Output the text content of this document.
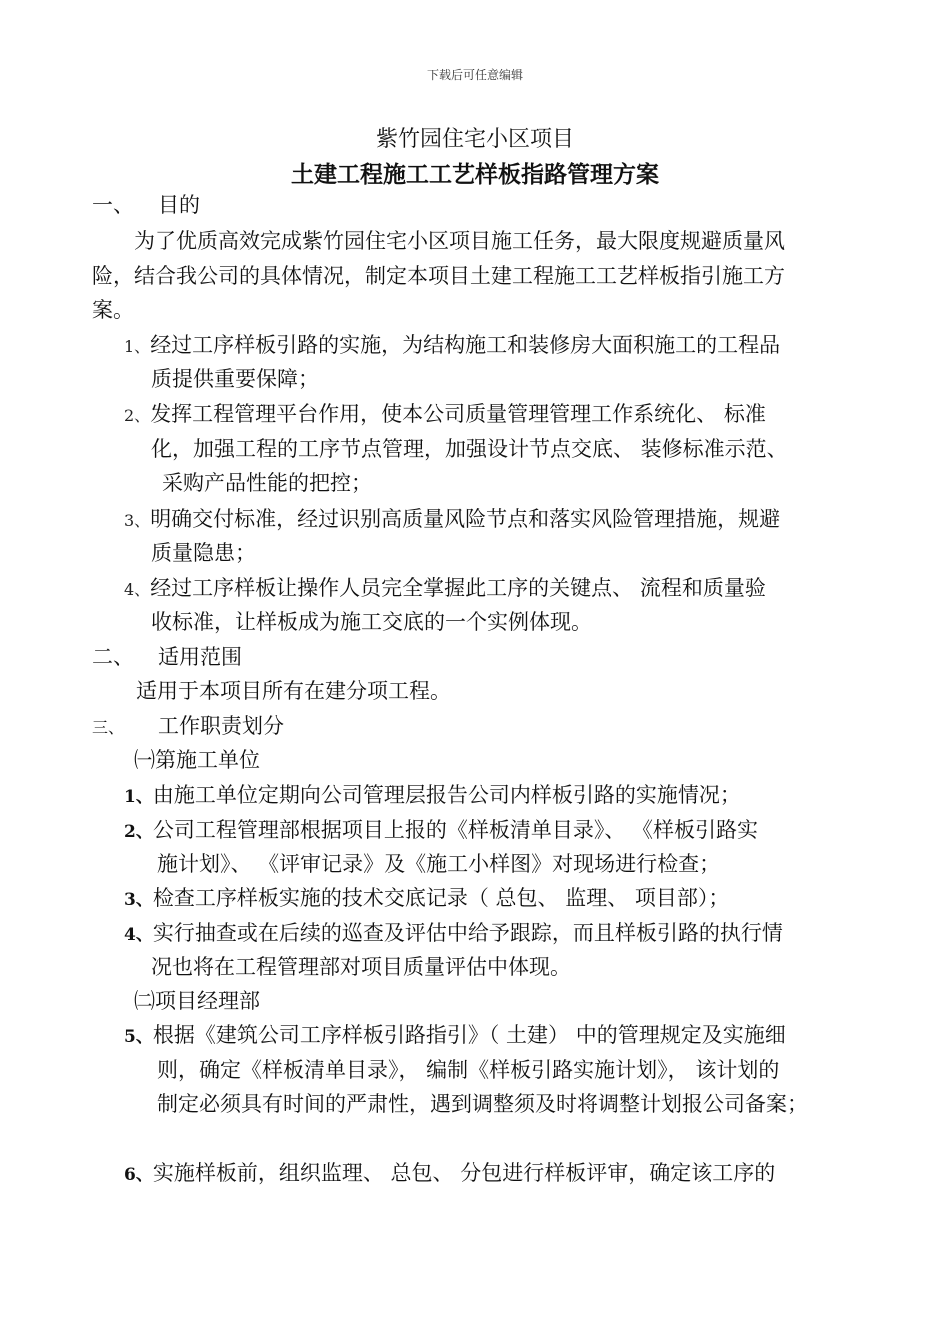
下载后可任意编辑
紫竹园住宅小区项目
土建工程施工工艺样板指路管理方案
一、 目的
为了优质高效完成紫竹园住宅小区项目施工任务，最大限度规避质量风
险，结合我公司的具体情况，制定本项目土建工程施工工艺样板指引施工方
案。
1、经过工序样板引路的实施，为结构施工和装修房大面积施工的工程品
质提供重要保障；
2、发挥工程管理平台作用，使本公司质量管理管理工作系统化、 标准
化，加强工程的工序节点管理，加强设计节点交底、 装修标准示范、
采购产品性能的把控；
3、明确交付标准，经过识别高质量风险节点和落实风险管理措施，规避
质量隐患；
4、经过工序样板让操作人员完全掌握此工序的关键点、 流程和质量验
收标准，让样板成为施工交底的一个实例体现。
二、 适用范围
适用于本项目所有在建分项工程。
三、 工作职责划分
㈠第施工单位
1、由施工单位定期向公司管理层报告公司内样板引路的实施情况；
2、公司工程管理部根据项目上报的《样板清单目录》、 《样板引路实
施计划》、 《评审记录》及《施工小样图》对现场进行检查；
3、检查工序样板实施的技术交底记录（ 总包、 监理、 项目部）；
4、实行抽查或在后续的巡查及评估中给予跟踪，而且样板引路的执行情
况也将在工程管理部对项目质量评估中体现。
㈡项目经理部
5、根据《建筑公司工序样板引路指引》（ 土建） 中的管理规定及实施细
则，确定《样板清单目录》， 编制《样板引路实施计划》， 该计划的
制定必须具有时间的严肃性，遇到调整须及时将调整计划报公司备案；
6、实施样板前，组织监理、 总包、 分包进行样板评审，确定该工序的
